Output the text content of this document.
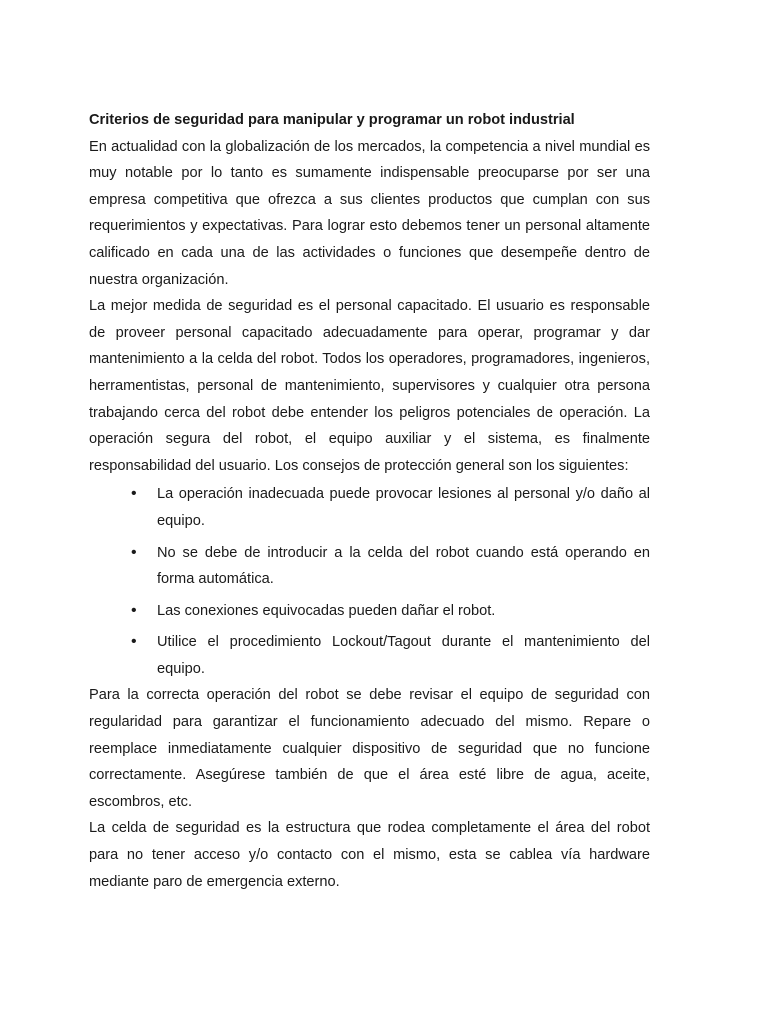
Criterios de seguridad para manipular y programar un robot industrial

En actualidad con la globalización de los mercados, la competencia a nivel mundial es muy notable por lo tanto es sumamente indispensable preocuparse por ser una empresa competitiva que ofrezca a sus clientes productos que cumplan con sus requerimientos y expectativas. Para lograr esto debemos tener un personal altamente calificado en cada una de las actividades o funciones que desempeñe dentro de nuestra organización.

La mejor medida de seguridad es el personal capacitado. El usuario es responsable de proveer personal capacitado adecuadamente para operar, programar y dar mantenimiento a la celda del robot. Todos los operadores, programadores, ingenieros, herramentistas, personal de mantenimiento, supervisores y cualquier otra persona trabajando cerca del robot debe entender los peligros potenciales de operación. La operación segura del robot, el equipo auxiliar y el sistema, es finalmente responsabilidad del usuario. Los consejos de protección general son los siguientes:

• La operación inadecuada puede provocar lesiones al personal y/o daño al equipo.
• No se debe de introducir a la celda del robot cuando está operando en forma automática.
• Las conexiones equivocadas pueden dañar el robot.
• Utilice el procedimiento Lockout/Tagout durante el mantenimiento del equipo.

Para la correcta operación del robot se debe revisar el equipo de seguridad con regularidad para garantizar el funcionamiento adecuado del mismo. Repare o reemplace inmediatamente cualquier dispositivo de seguridad que no funcione correctamente. Asegúrese también de que el área esté libre de agua, aceite, escombros, etc.

La celda de seguridad es la estructura que rodea completamente el área del robot para no tener acceso y/o contacto con el mismo, esta se cablea vía hardware mediante paro de emergencia externo.
